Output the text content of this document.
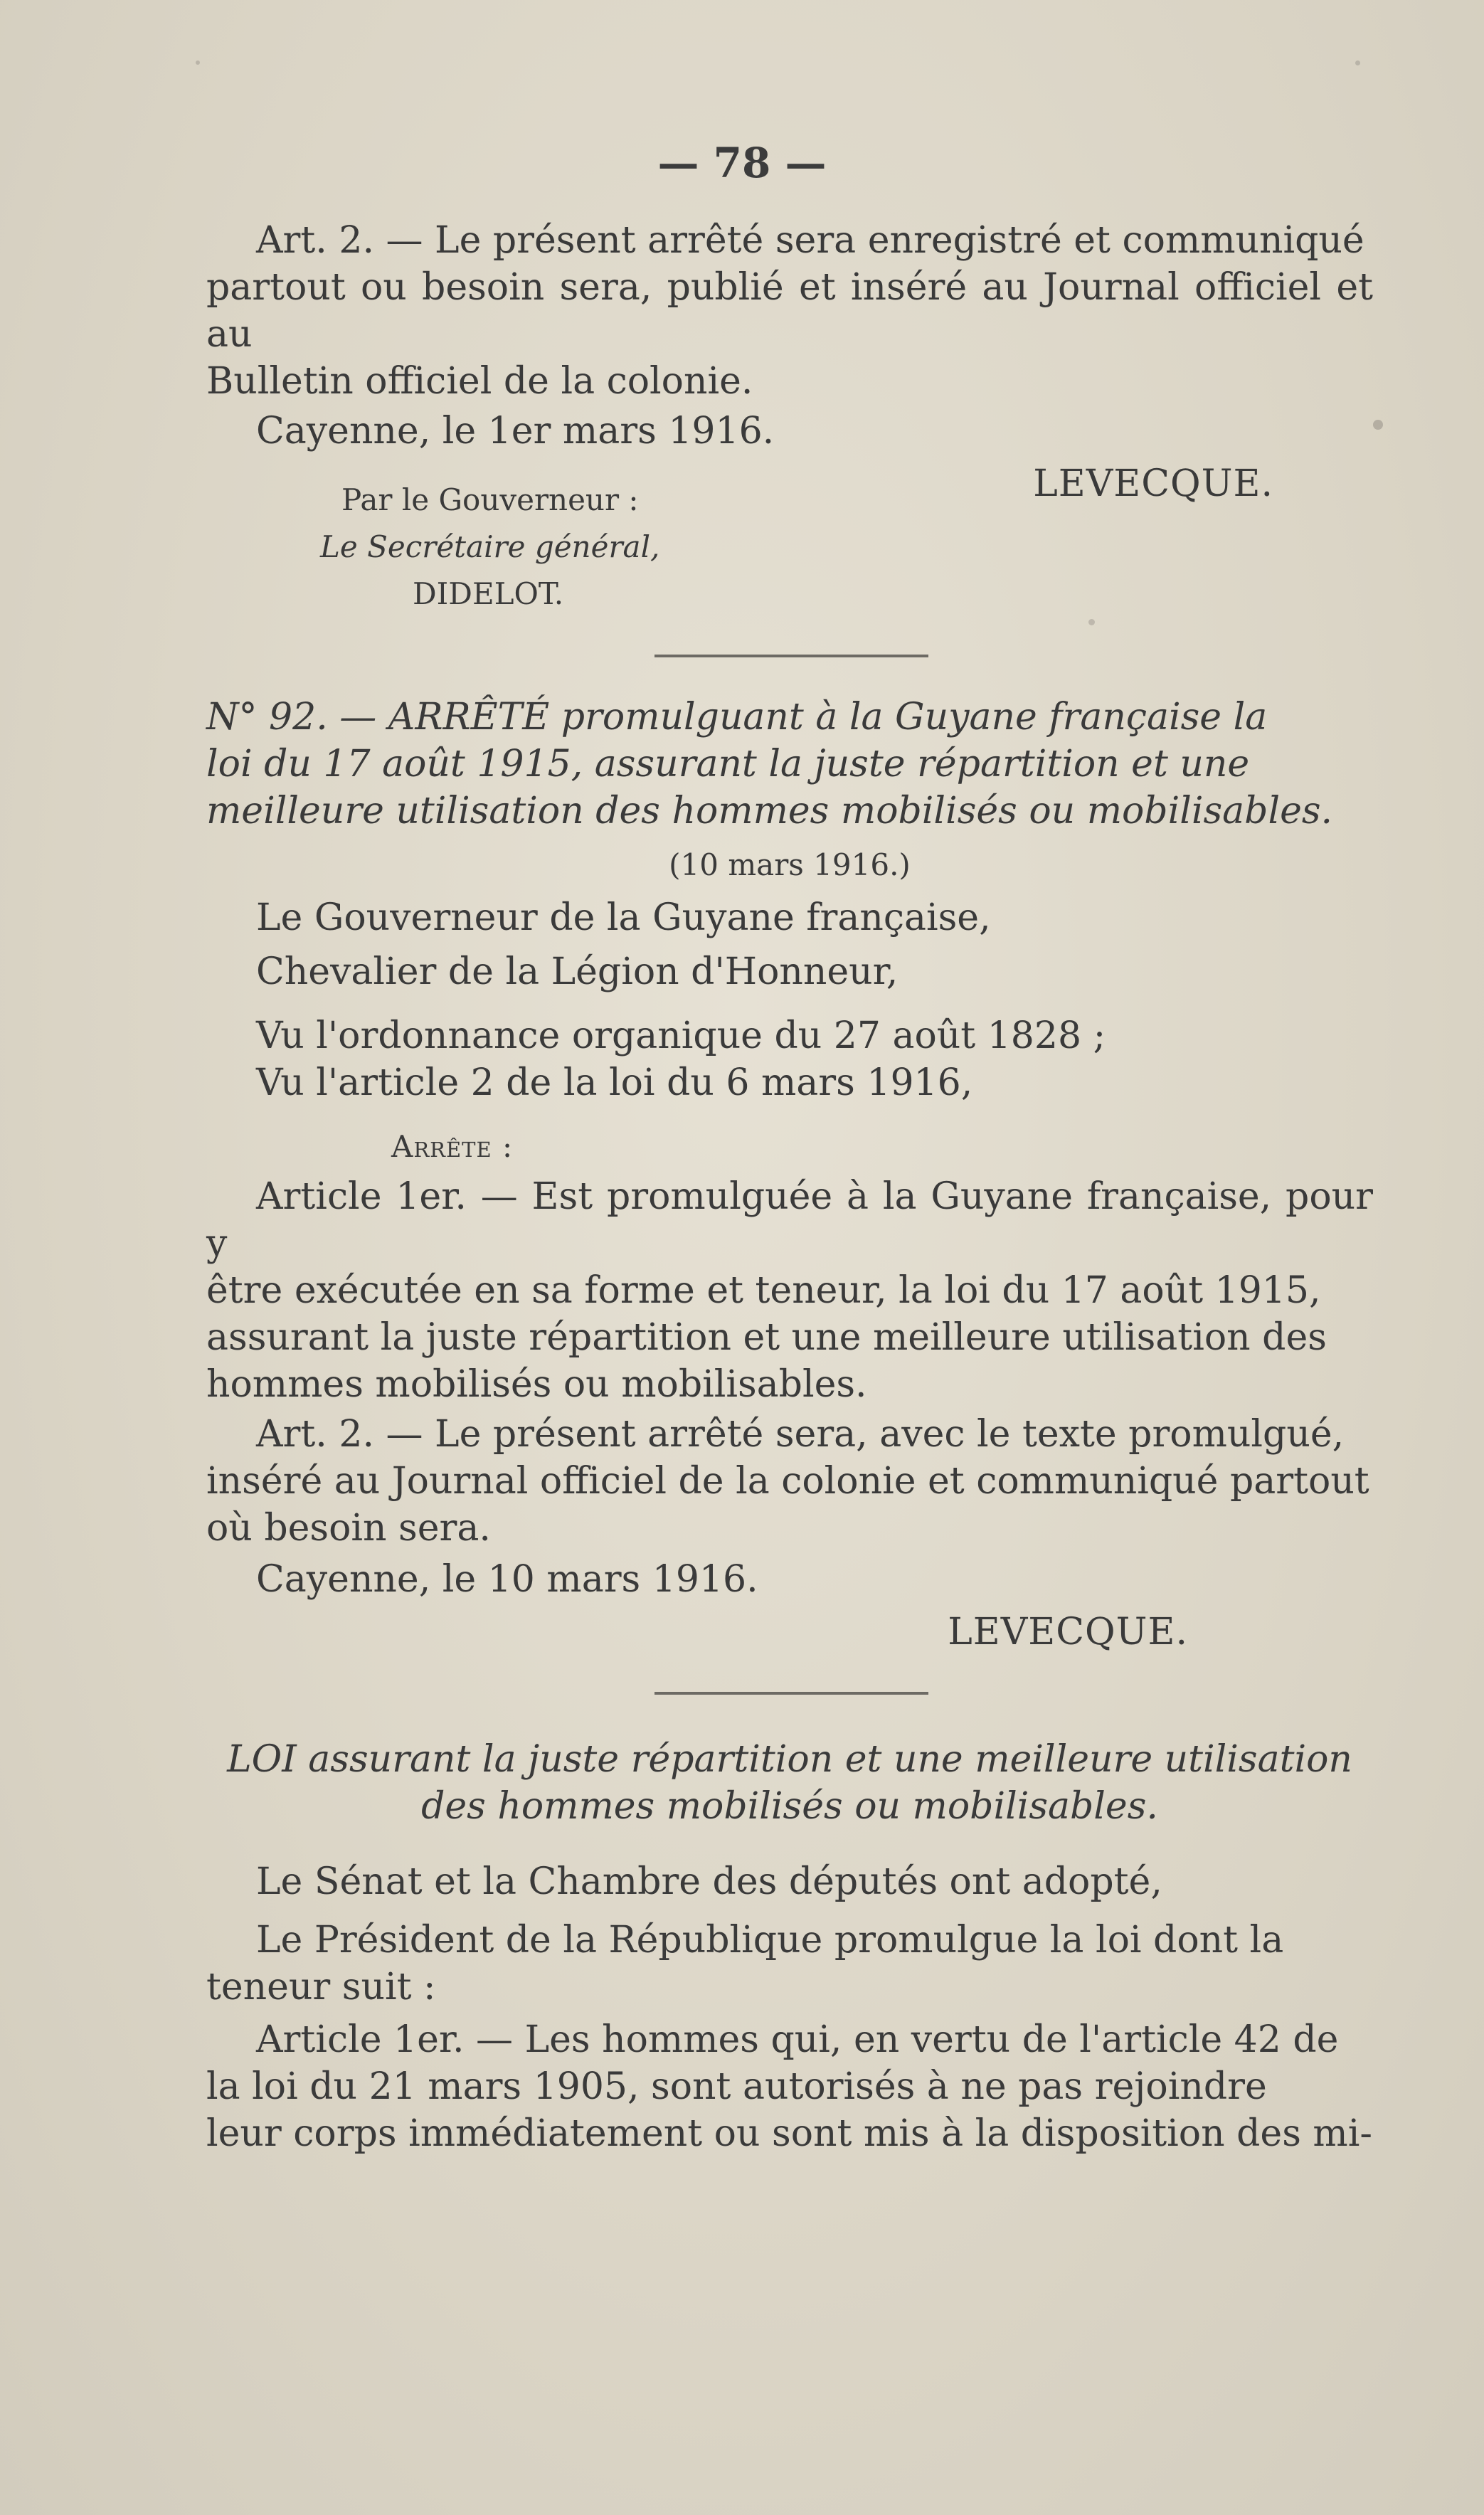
— 78 —

Art. 2. — Le présent arrêté sera enregistré et communiqué

partout ou besoin sera, publié et inséré au Journal officiel et au

Bulletin officiel de la colonie.

Cayenne, le 1er mars 1916.

LEVECQUE.

Par le Gouverneur :

Le Secrétaire général,

DIDELOT.

N° 92. — ARRÊTÉ promulguant à la Guyane française la

loi du 17 août 1915, assurant la juste répartition et une

meilleure utilisation des hommes mobilisés ou mobilisables.

(10 mars 1916.)

Le Gouverneur de la Guyane française,

Chevalier de la Légion d'Honneur,

Vu l'ordonnance organique du 27 août 1828 ;

Vu l'article 2 de la loi du 6 mars 1916,

Arrête :

Article 1er. — Est promulguée à la Guyane française, pour y

être exécutée en sa forme et teneur, la loi du 17 août 1915,

assurant la juste répartition et une meilleure utilisation des

hommes mobilisés ou mobilisables.

Art. 2. — Le présent arrêté sera, avec le texte promulgué,

inséré au Journal officiel de la colonie et communiqué partout

où besoin sera.

Cayenne, le 10 mars 1916.

LEVECQUE.

LOI assurant la juste répartition et une meilleure utilisation

des hommes mobilisés ou mobilisables.

Le Sénat et la Chambre des députés ont adopté,

Le Président de la République promulgue la loi dont la

teneur suit :

Article 1er. — Les hommes qui, en vertu de l'article 42 de

la loi du 21 mars 1905, sont autorisés à ne pas rejoindre

leur corps immédiatement ou sont mis à la disposition des mi-
